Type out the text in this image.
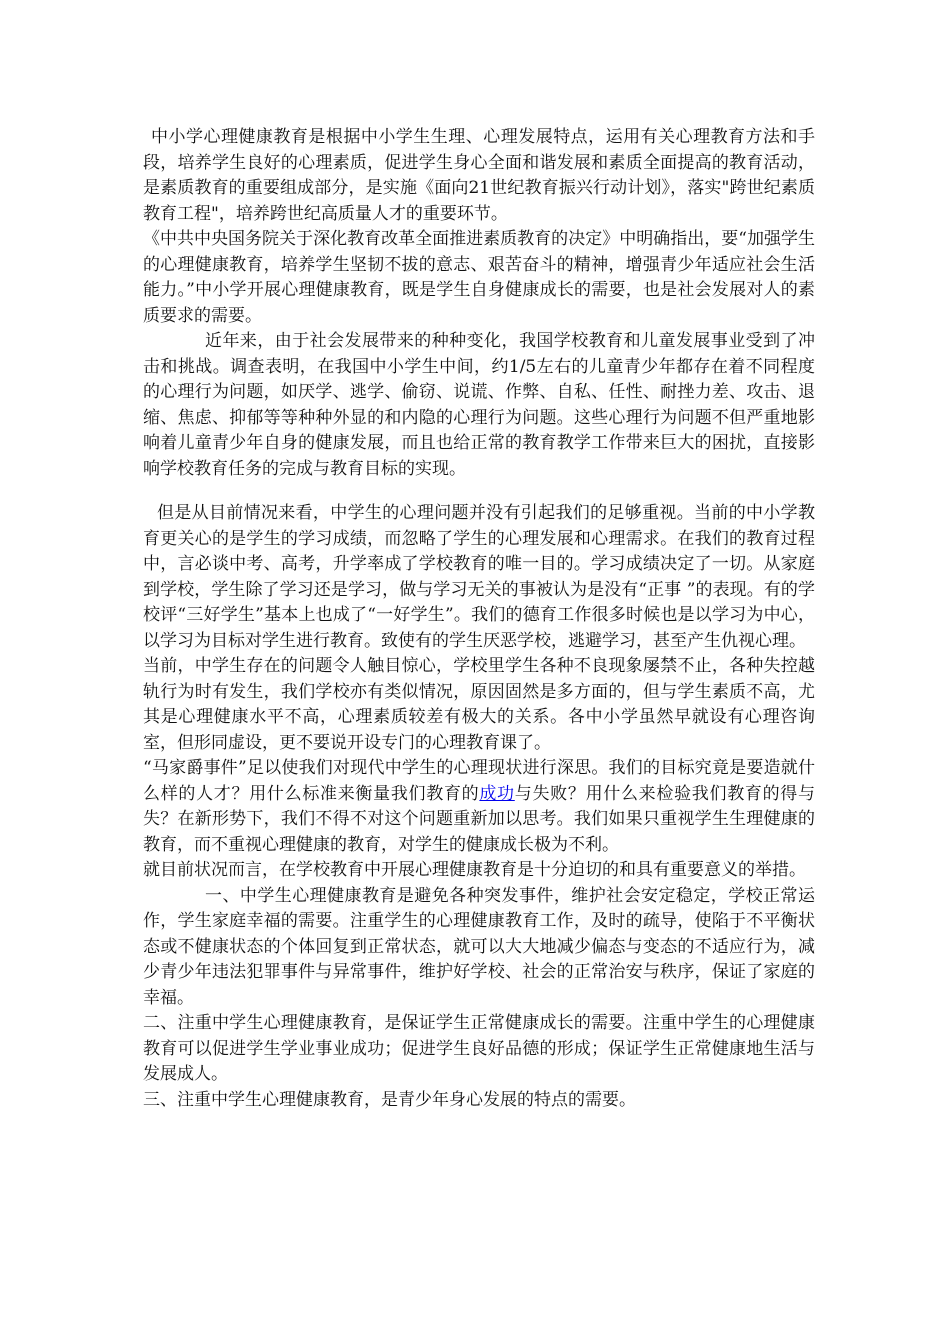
中小学心理健康教育是根据中小学生生理、心理发展特点，运用有关心理教育方法和手段，培养学生良好的心理素质，促进学生身心全面和谐发展和素质全面提高的教育活动，是素质教育的重要组成部分，是实施《面向21世纪教育振兴行动计划》，落实"跨世纪素质教育工程"，培养跨世纪高质量人才的重要环节。

《中共中央国务院关于深化教育改革全面推进素质教育的决定》中明确指出，要“加强学生的心理健康教育，培养学生坚韧不拔的意志、艰苦奋斗的精神，增强青少年适应社会生活能力。”中小学开展心理健康教育，既是学生自身健康成长的需要，也是社会发展对人的素质要求的需要。

近年来，由于社会发展带来的种种变化，我国学校教育和儿童发展事业受到了冲击和挑战。调查表明，在我国中小学生中间，约1/5左右的儿童青少年都存在着不同程度的心理行为问题，如厌学、逃学、偷窃、说谎、作弊、自私、任性、耐挫力差、攻击、退缩、焦虑、抑郁等等种种外显的和内隐的心理行为问题。这些心理行为问题不但严重地影响着儿童青少年自身的健康发展，而且也给正常的教育教学工作带来巨大的困扰，直接影响学校教育任务的完成与教育目标的实现。

但是从目前情况来看，中学生的心理问题并没有引起我们的足够重视。当前的中小学教育更关心的是学生的学习成绩，而忽略了学生的心理发展和心理需求。在我们的教育过程中，言必谈中考、高考，升学率成了学校教育的唯一目的。学习成绩决定了一切。从家庭到学校，学生除了学习还是学习，做与学习无关的事被认为是没有“正事 ”的表现。有的学校评“三好学生”基本上也成了“一好学生”。我们的德育工作很多时候也是以学习为中心，以学习为目标对学生进行教育。致使有的学生厌恶学校，逃避学习，甚至产生仇视心理。

当前，中学生存在的问题令人触目惊心，学校里学生各种不良现象屡禁不止，各种失控越轨行为时有发生，我们学校亦有类似情况，原因固然是多方面的，但与学生素质不高，尤其是心理健康水平不高，心理素质较差有极大的关系。各中小学虽然早就设有心理咨询室，但形同虚设，更不要说开设专门的心理教育课了。

“马家爵事件”足以使我们对现代中学生的心理现状进行深思。我们的目标究竟是要造就什么样的人才？用什么标准来衡量我们教育的成功与失败？用什么来检验我们教育的得与失？在新形势下，我们不得不对这个问题重新加以思考。我们如果只重视学生生理健康的教育，而不重视心理健康的教育，对学生的健康成长极为不利。

就目前状况而言，在学校教育中开展心理健康教育是十分迫切的和具有重要意义的举措。

一、中学生心理健康教育是避免各种突发事件，维护社会安定稳定，学校正常运作，学生家庭幸福的需要。注重学生的心理健康教育工作，及时的疏导，使陷于不平衡状态或不健康状态的个体回复到正常状态，就可以大大地减少偏态与变态的不适应行为，减少青少年违法犯罪事件与异常事件，维护好学校、社会的正常治安与秩序，保证了家庭的幸福。

二、注重中学生心理健康教育，是保证学生正常健康成长的需要。注重中学生的心理健康教育可以促进学生学业事业成功；促进学生良好品德的形成；保证学生正常健康地生活与发展成人。

三、注重中学生心理健康教育，是青少年身心发展的特点的需要。
